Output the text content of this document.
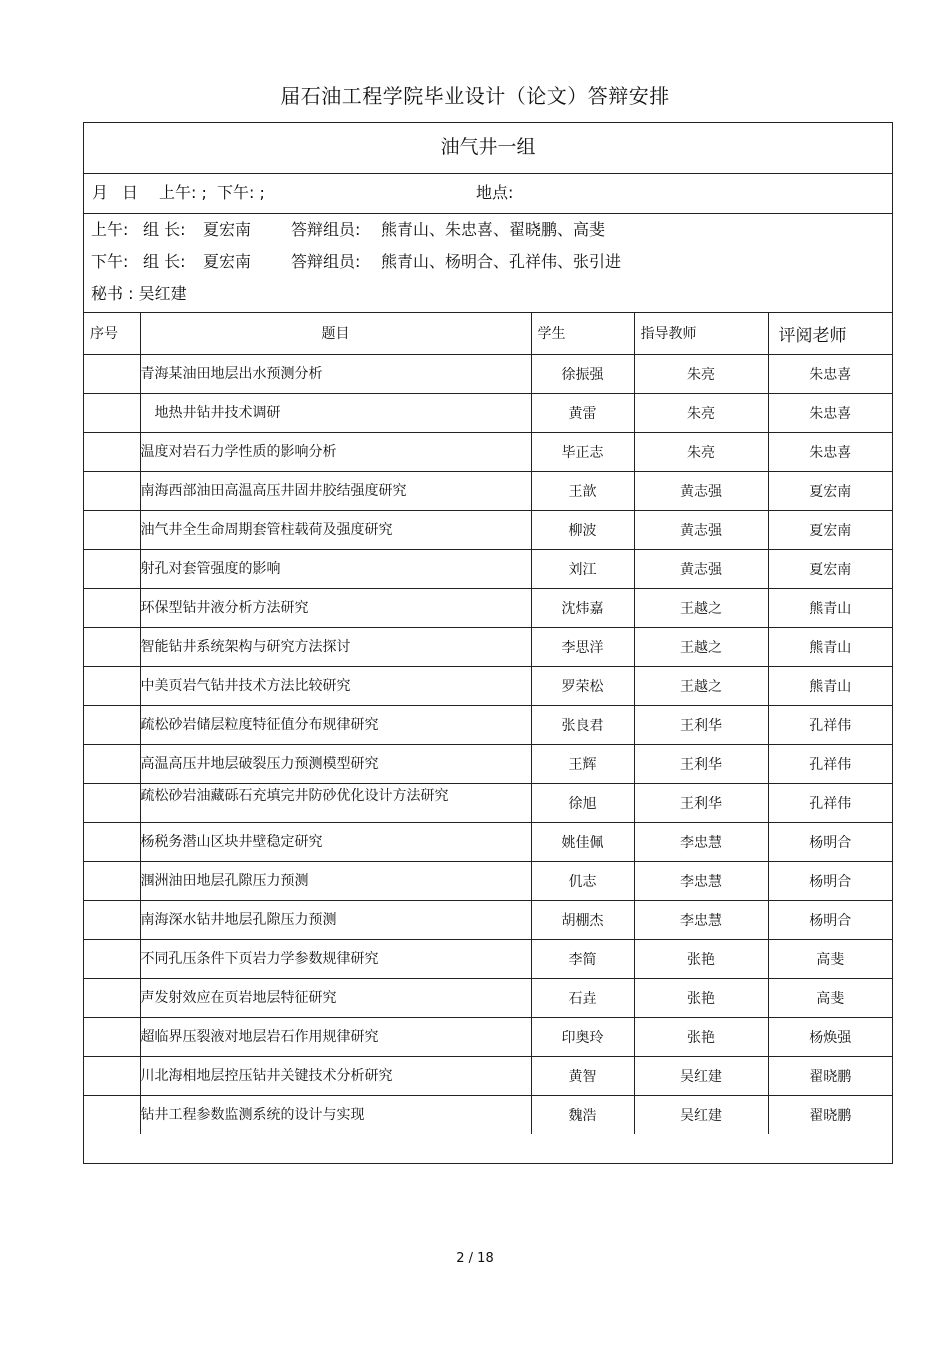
届石油工程学院毕业设计（论文）答辩安排
油气井一组
月 日 上午: ;  下午: ;	地点:
上午: 组 长: 夏宏南 答辩组员: 熊青山、朱忠喜、翟晓鹏、高斐
下午: 组 长: 夏宏南 答辩组员: 熊青山、杨明合、孔祥伟、张引进
秘书 : 吴红建
序号	题目	学生	指导教师	评阅老师
	青海某油田地层出水预测分析	徐振强	朱亮	朱忠喜
	地热井钻井技术调研	黄雷	朱亮	朱忠喜
	温度对岩石力学性质的影响分析	毕正志	朱亮	朱忠喜
	南海西部油田高温高压井固井胶结强度研究	王歆	黄志强	夏宏南
	油气井全生命周期套管柱载荷及强度研究	柳波	黄志强	夏宏南
	射孔对套管强度的影响	刘江	黄志强	夏宏南
	环保型钻井液分析方法研究	沈炜嘉	王越之	熊青山
	智能钻井系统架构与研究方法探讨	李思洋	王越之	熊青山
	中美页岩气钻井技术方法比较研究	罗荣松	王越之	熊青山
	疏松砂岩储层粒度特征值分布规律研究	张良君	王利华	孔祥伟
	高温高压井地层破裂压力预测模型研究	王辉	王利华	孔祥伟
	疏松砂岩油藏砾石充填完井防砂优化设计方法研究	徐旭	王利华	孔祥伟
	杨税务潜山区块井壁稳定研究	姚佳佩	李忠慧	杨明合
	涠洲油田地层孔隙压力预测	仉志	李忠慧	杨明合
	南海深水钻井地层孔隙压力预测	胡棚杰	李忠慧	杨明合
	不同孔压条件下页岩力学参数规律研究	李简	张艳	高斐
	声发射效应在页岩地层特征研究	石垚	张艳	高斐
	超临界压裂液对地层岩石作用规律研究	印奥玲	张艳	杨焕强
	川北海相地层控压钻井关键技术分析研究	黄智	吴红建	翟晓鹏
	钻井工程参数监测系统的设计与实现	魏浩	吴红建	翟晓鹏
2 / 18
